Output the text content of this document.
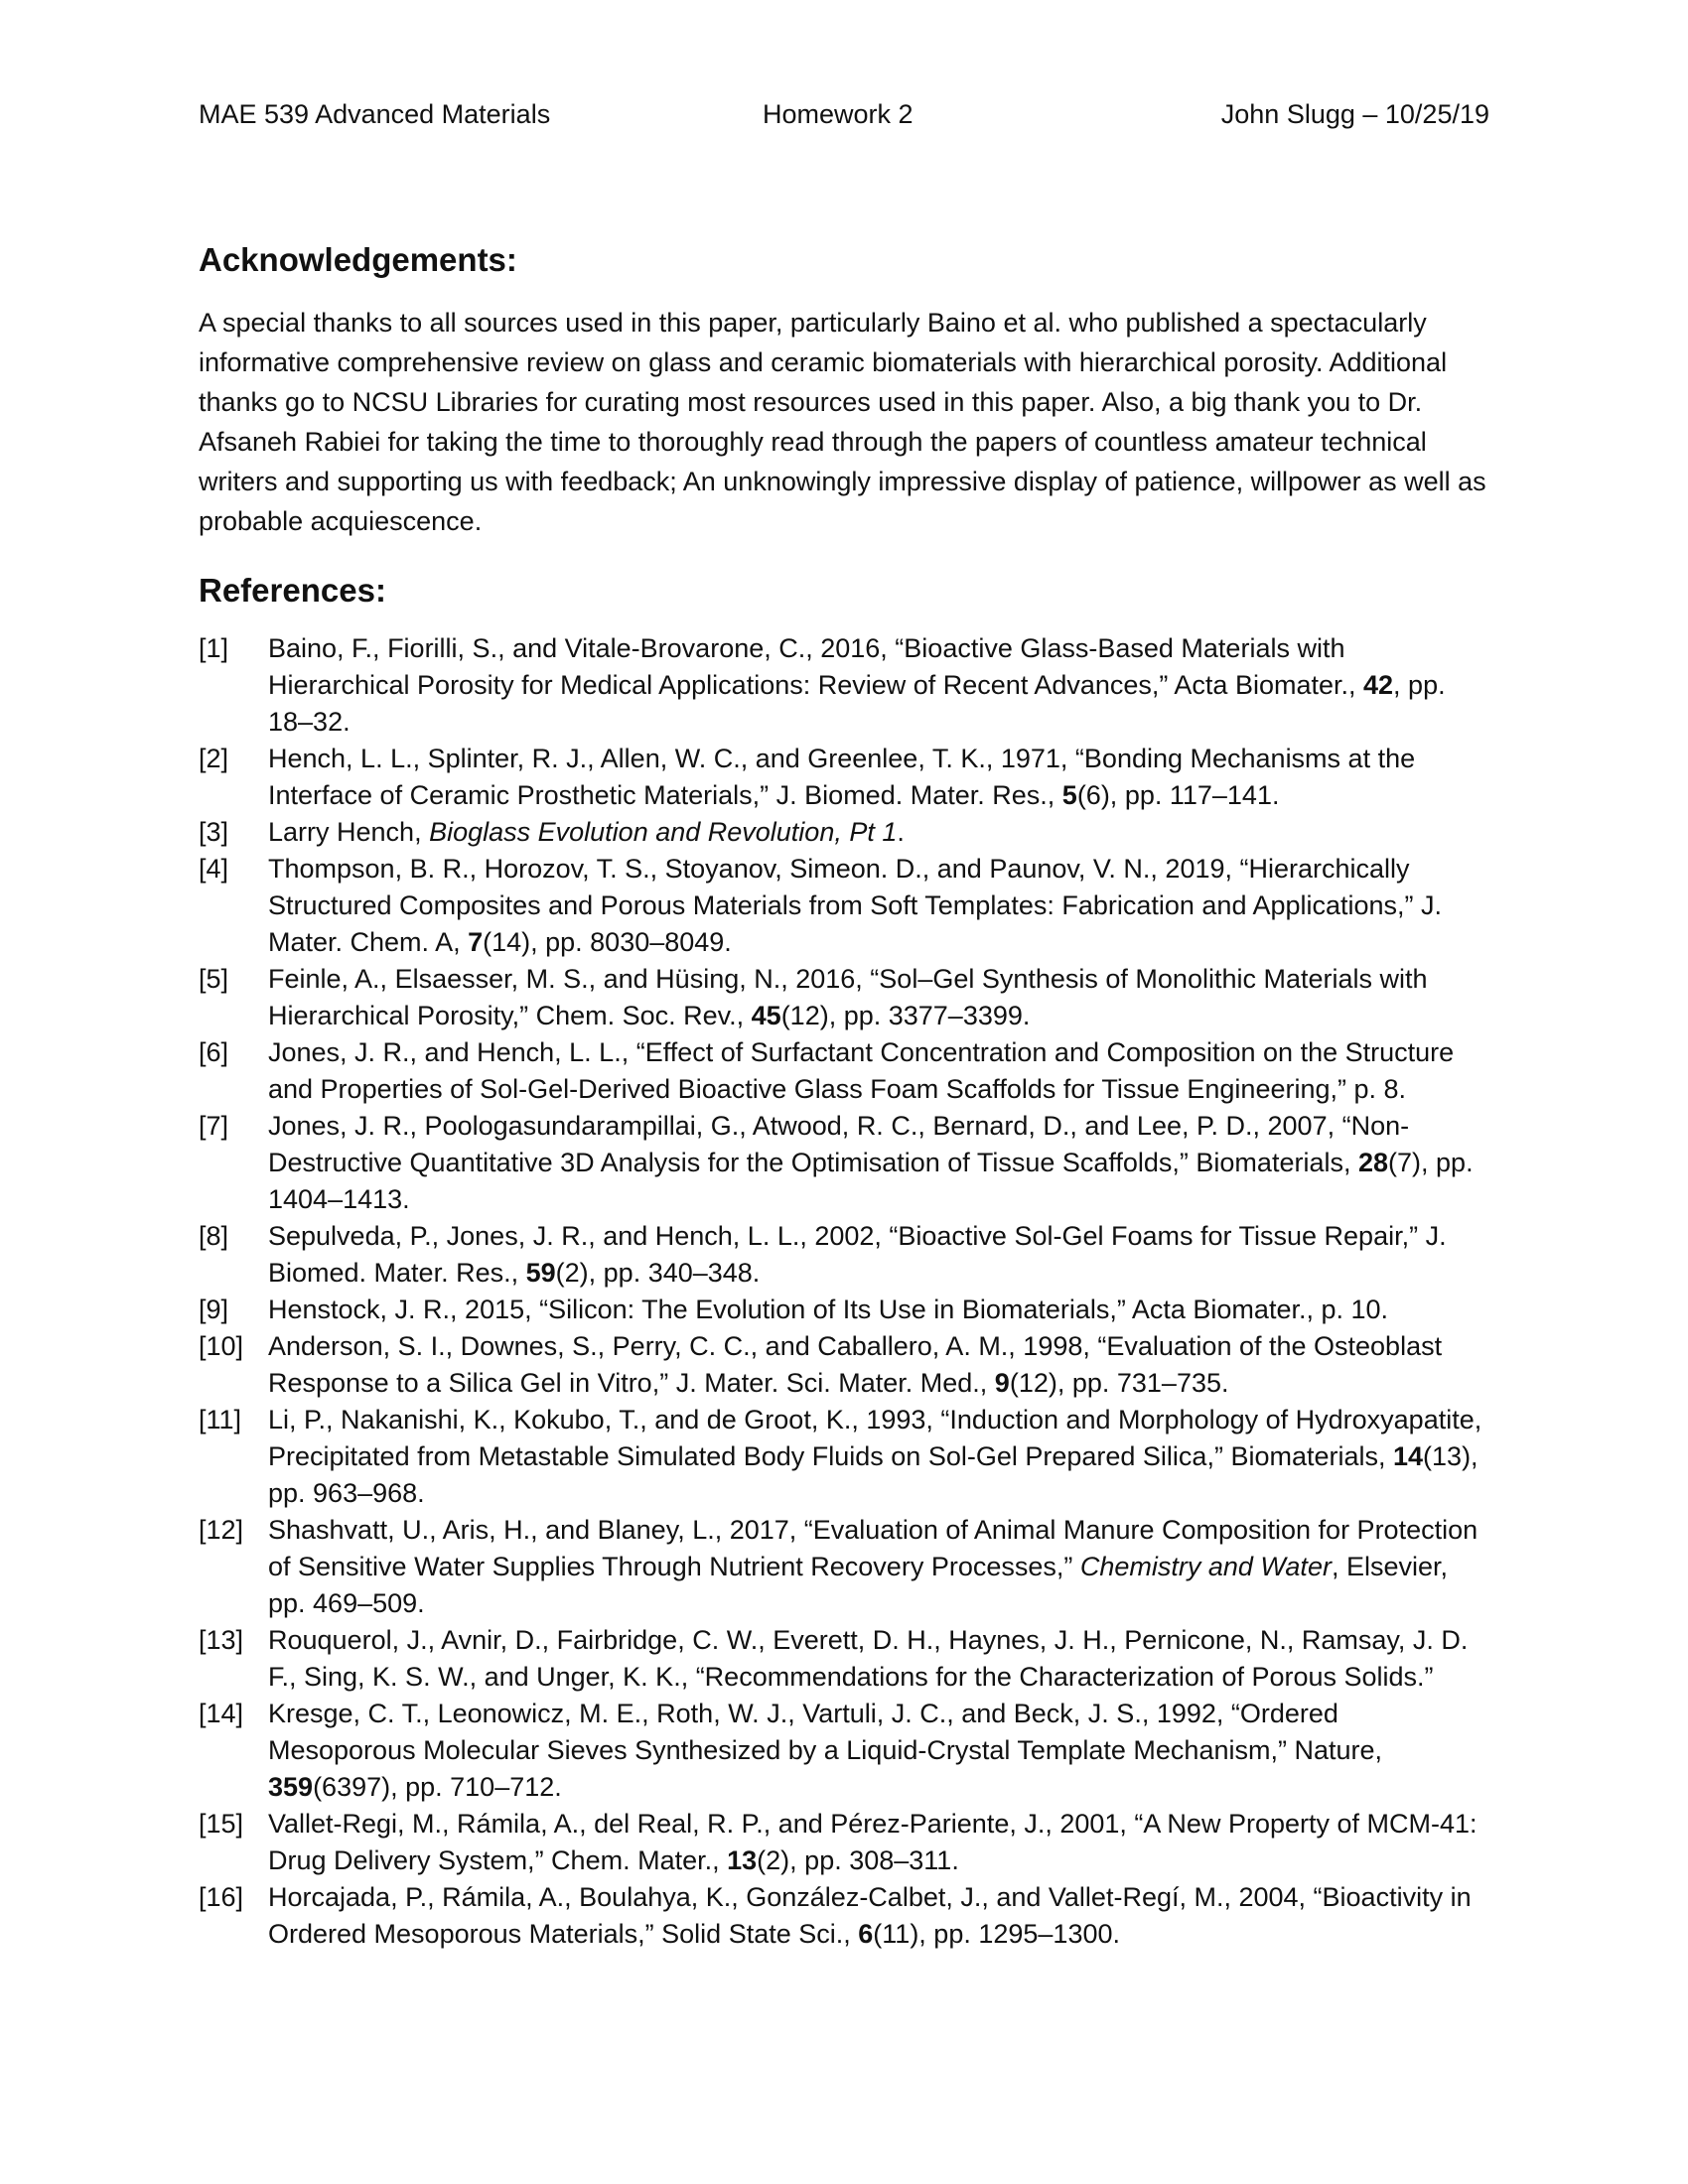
MAE 539 Advanced Materials	Homework 2	John Slugg – 10/25/19
Acknowledgements:

A special thanks to all sources used in this paper, particularly Baino et al. who published a spectacularly informative comprehensive review on glass and ceramic biomaterials with hierarchical porosity. Additional thanks go to NCSU Libraries for curating most resources used in this paper. Also, a big thank you to Dr. Afsaneh Rabiei for taking the time to thoroughly read through the papers of countless amateur technical writers and supporting us with feedback; An unknowingly impressive display of patience, willpower as well as probable acquiescence.

References:
[1]	Baino, F., Fiorilli, S., and Vitale-Brovarone, C., 2016, “Bioactive Glass-Based Materials with Hierarchical Porosity for Medical Applications: Review of Recent Advances,” Acta Biomater., 42, pp. 18–32.
[2]	Hench, L. L., Splinter, R. J., Allen, W. C., and Greenlee, T. K., 1971, “Bonding Mechanisms at the Interface of Ceramic Prosthetic Materials,” J. Biomed. Mater. Res., 5(6), pp. 117–141.
[3]	Larry Hench, Bioglass Evolution and Revolution, Pt 1.
[4]	Thompson, B. R., Horozov, T. S., Stoyanov, Simeon. D., and Paunov, V. N., 2019, “Hierarchically Structured Composites and Porous Materials from Soft Templates: Fabrication and Applications,” J. Mater. Chem. A, 7(14), pp. 8030–8049.
[5]	Feinle, A., Elsaesser, M. S., and Hüsing, N., 2016, “Sol–Gel Synthesis of Monolithic Materials with Hierarchical Porosity,” Chem. Soc. Rev., 45(12), pp. 3377–3399.
[6]	Jones, J. R., and Hench, L. L., “Effect of Surfactant Concentration and Composition on the Structure and Properties of Sol-Gel-Derived Bioactive Glass Foam Scaffolds for Tissue Engineering,” p. 8.
[7]	Jones, J. R., Poologasundarampillai, G., Atwood, R. C., Bernard, D., and Lee, P. D., 2007, “Non-Destructive Quantitative 3D Analysis for the Optimisation of Tissue Scaffolds,” Biomaterials, 28(7), pp. 1404–1413.
[8]	Sepulveda, P., Jones, J. R., and Hench, L. L., 2002, “Bioactive Sol-Gel Foams for Tissue Repair,” J. Biomed. Mater. Res., 59(2), pp. 340–348.
[9]	Henstock, J. R., 2015, “Silicon: The Evolution of Its Use in Biomaterials,” Acta Biomater., p. 10.
[10] Anderson, S. I., Downes, S., Perry, C. C., and Caballero, A. M., 1998, “Evaluation of the Osteoblast Response to a Silica Gel in Vitro,” J. Mater. Sci. Mater. Med., 9(12), pp. 731–735.
[11] Li, P., Nakanishi, K., Kokubo, T., and de Groot, K., 1993, “Induction and Morphology of Hydroxyapatite, Precipitated from Metastable Simulated Body Fluids on Sol-Gel Prepared Silica,” Biomaterials, 14(13), pp. 963–968.
[12] Shashvatt, U., Aris, H., and Blaney, L., 2017, “Evaluation of Animal Manure Composition for Protection of Sensitive Water Supplies Through Nutrient Recovery Processes,” Chemistry and Water, Elsevier, pp. 469–509.
[13] Rouquerol, J., Avnir, D., Fairbridge, C. W., Everett, D. H., Haynes, J. H., Pernicone, N., Ramsay, J. D. F., Sing, K. S. W., and Unger, K. K., “Recommendations for the Characterization of Porous Solids.”
[14] Kresge, C. T., Leonowicz, M. E., Roth, W. J., Vartuli, J. C., and Beck, J. S., 1992, “Ordered Mesoporous Molecular Sieves Synthesized by a Liquid-Crystal Template Mechanism,” Nature, 359(6397), pp. 710–712.
[15] Vallet-Regi, M., Rámila, A., del Real, R. P., and Pérez-Pariente, J., 2001, “A New Property of MCM-41: Drug Delivery System,” Chem. Mater., 13(2), pp. 308–311.
[16] Horcajada, P., Rámila, A., Boulahya, K., González-Calbet, J., and Vallet-Regí, M., 2004, “Bioactivity in Ordered Mesoporous Materials,” Solid State Sci., 6(11), pp. 1295–1300.
